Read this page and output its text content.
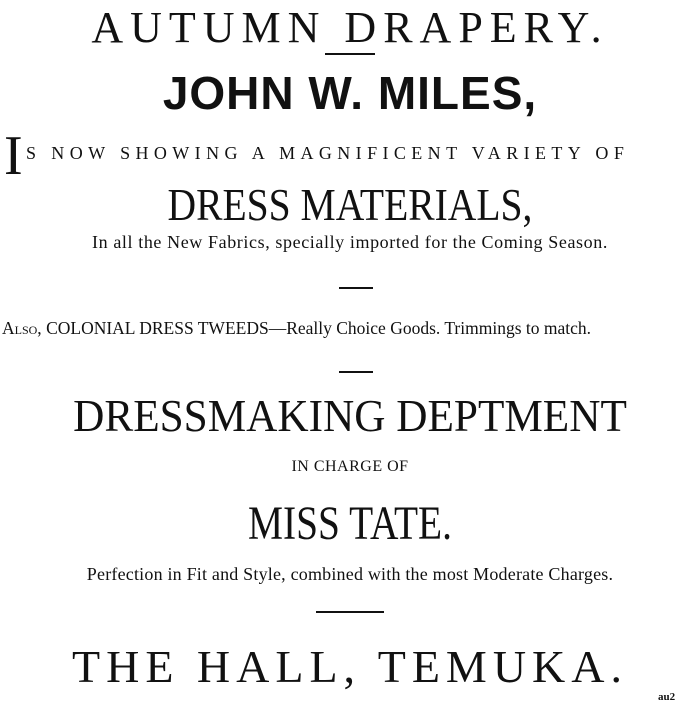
AUTUMN DRAPERY.
JOHN W. MILES,
I S NOW SHOWING A MAGNIFICENT VARIETY OF
DRESS MATERIALS,
In all the New Fabrics, specially imported for the Coming Season.
Also, COLONIAL DRESS TWEEDS—Really Choice Goods. Trimmings to match.
DRESSMAKING DEPTMENT
IN CHARGE OF
MISS TATE.
Perfection in Fit and Style, combined with the most Moderate Charges.
THE HALL, TEMUKA.
au2
